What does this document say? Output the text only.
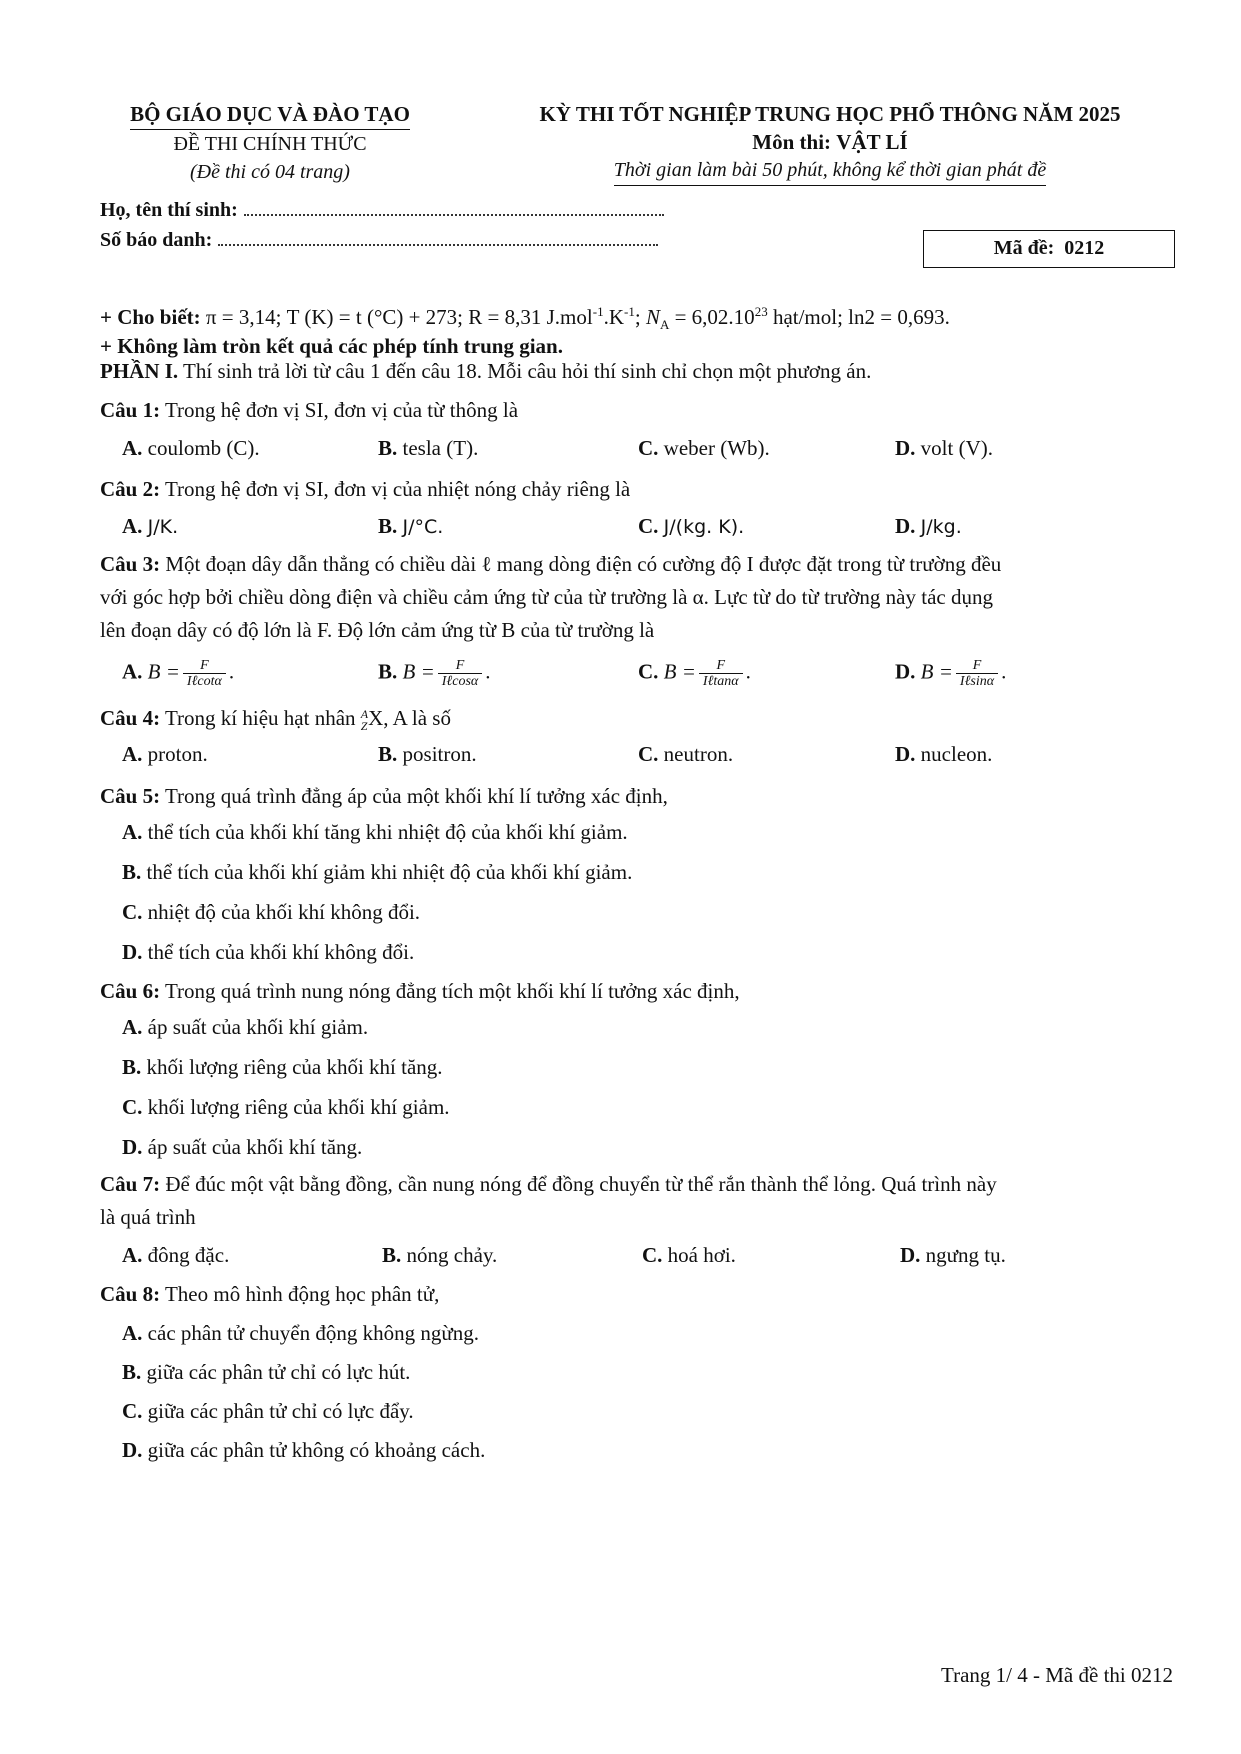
BỘ GIÁO DỤC VÀ ĐÀO TẠO
ĐỀ THI CHÍNH THỨC
(Đề thi có 04 trang)
KỲ THI TỐT NGHIỆP TRUNG HỌC PHỔ THÔNG NĂM 2025
Môn thi: VẬT LÍ
Thời gian làm bài 50 phút, không kể thời gian phát đề
Họ, tên thí sinh:
Số báo danh:	Mã đề: 0212
+ Cho biết: π = 3,14; T (K) = t (°C) + 273; R = 8,31 $J.mol^{-1}.K^{-1}$; $N_A = 6,02.10^{23}$ hạt/mol; ln2 = 0,693.
+ Không làm tròn kết quả các phép tính trung gian.
PHẦN I. Thí sinh trả lời từ câu 1 đến câu 18. Mỗi câu hỏi thí sinh chỉ chọn một phương án.
Câu 1: Trong hệ đơn vị SI, đơn vị của từ thông là
A. coulomb (C).	B. tesla (T).	C. weber (Wb).	D. volt (V).
Câu 2: Trong hệ đơn vị SI, đơn vị của nhiệt nóng chảy riêng là
A. J/K.	B. J/°C.	C. J/(kg. K).	D. J/kg.
Câu 3: Một đoạn dây dẫn thẳng có chiều dài ℓ mang dòng điện có cường độ I được đặt trong từ trường đều
với góc hợp bởi chiều dòng điện và chiều cảm ứng từ của từ trường là α. Lực từ do từ trường này tác dụng
lên đoạn dây có độ lớn là F. Độ lớn cảm ứng từ B của từ trường là
A. $B = \frac{F}{\text{Iℓcotα}}$ .	B. $B = \frac{F}{\text{Iℓcosα}}$ .	C. $B = \frac{F}{\text{Iℓtanα}}$ .	D. $B = \frac{F}{\text{Iℓsinα}}$ .
Câu 4: Trong kí hiệu hạt nhân A
Z X, A là số
A. proton.	B. positron.	C. neutron.	D. nucleon.
Câu 5: Trong quá trình đẳng áp của một khối khí lí tưởng xác định,
A. thể tích của khối khí tăng khi nhiệt độ của khối khí giảm.
B. thể tích của khối khí giảm khi nhiệt độ của khối khí giảm.
C. nhiệt độ của khối khí không đổi.
D. thể tích của khối khí không đổi.
Câu 6: Trong quá trình nung nóng đẳng tích một khối khí lí tưởng xác định,
A. áp suất của khối khí giảm.
B. khối lượng riêng của khối khí tăng.
C. khối lượng riêng của khối khí giảm.
D. áp suất của khối khí tăng.
Câu 7: Để đúc một vật bằng đồng, cần nung nóng để đồng chuyển từ thể rắn thành thể lỏng. Quá trình này
là quá trình
A. đông đặc.	B. nóng chảy.	C. hoá hơi.	D. ngưng tụ.
Câu 8: Theo mô hình động học phân tử,
A. các phân tử chuyển động không ngừng.
B. giữa các phân tử chỉ có lực hút.
C. giữa các phân tử chỉ có lực đẩy.
D. giữa các phân tử không có khoảng cách.
Trang 1/ 4 - Mã đề thi 0212
